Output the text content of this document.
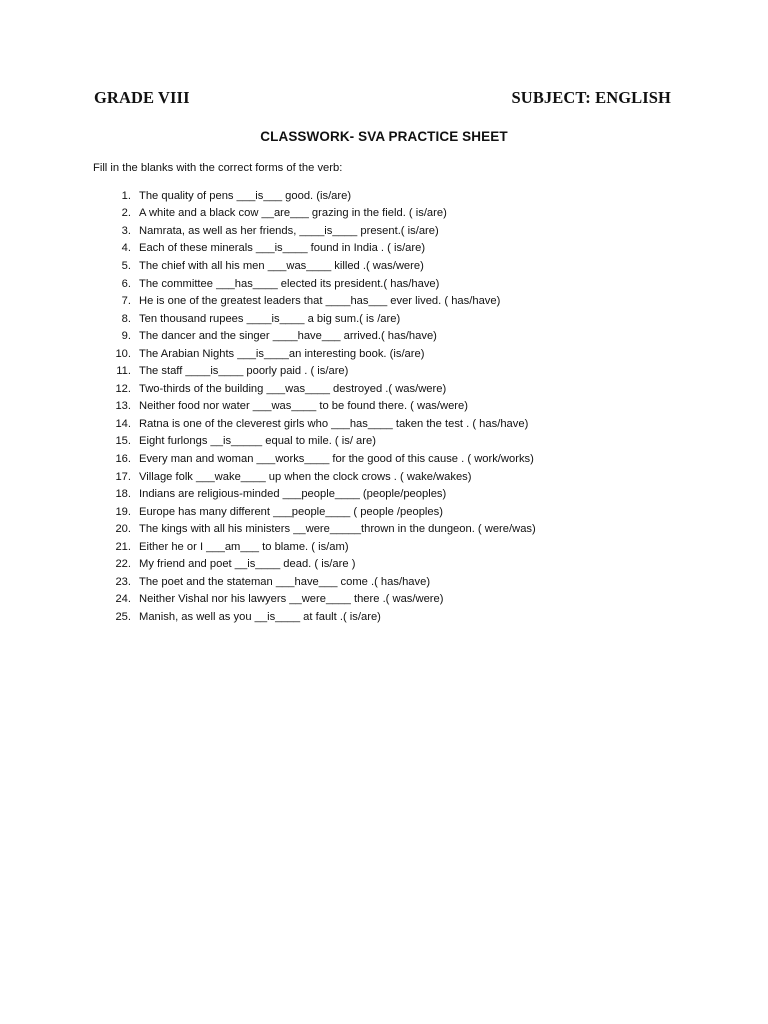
GRADE VIII	SUBJECT: ENGLISH
CLASSWORK- SVA PRACTICE SHEET
Fill in the blanks with the correct forms of the verb:
1. The quality of pens ___is___ good. (is/are)
2. A white and a black cow __are___ grazing in the field. ( is/are)
3. Namrata, as well as her friends, ____is____ present.( is/are)
4. Each of these minerals ___is____ found in India . ( is/are)
5. The chief with all his men ___was____ killed .( was/were)
6. The committee ___has____ elected its president.( has/have)
7. He is one of the greatest leaders that ____has___ ever lived. ( has/have)
8. Ten thousand rupees ____is____ a big sum.( is /are)
9. The dancer and the singer ____have___ arrived.( has/have)
10. The Arabian Nights ___is____an interesting book. (is/are)
11. The staff ____is____ poorly paid . ( is/are)
12. Two-thirds of the building ___was____ destroyed .( was/were)
13. Neither food nor water ___was____ to be found there. ( was/were)
14. Ratna is one of the cleverest girls who ___has____ taken the test . ( has/have)
15. Eight furlongs __is_____ equal to mile. ( is/ are)
16. Every man and woman ___works____ for the good of this cause . ( work/works)
17. Village folk ___wake____ up when the clock crows . ( wake/wakes)
18. Indians are religious-minded ___people____ (people/peoples)
19. Europe has many different ___people____ ( people /peoples)
20. The kings with all his ministers __were_____thrown in the dungeon. ( were/was)
21. Either he or I ___am___ to blame. ( is/am)
22. My friend and poet __is____ dead. ( is/are )
23. The poet and the stateman ___have___ come .( has/have)
24. Neither Vishal nor his lawyers __were____ there .( was/were)
25. Manish, as well as you __is____ at fault .( is/are)
